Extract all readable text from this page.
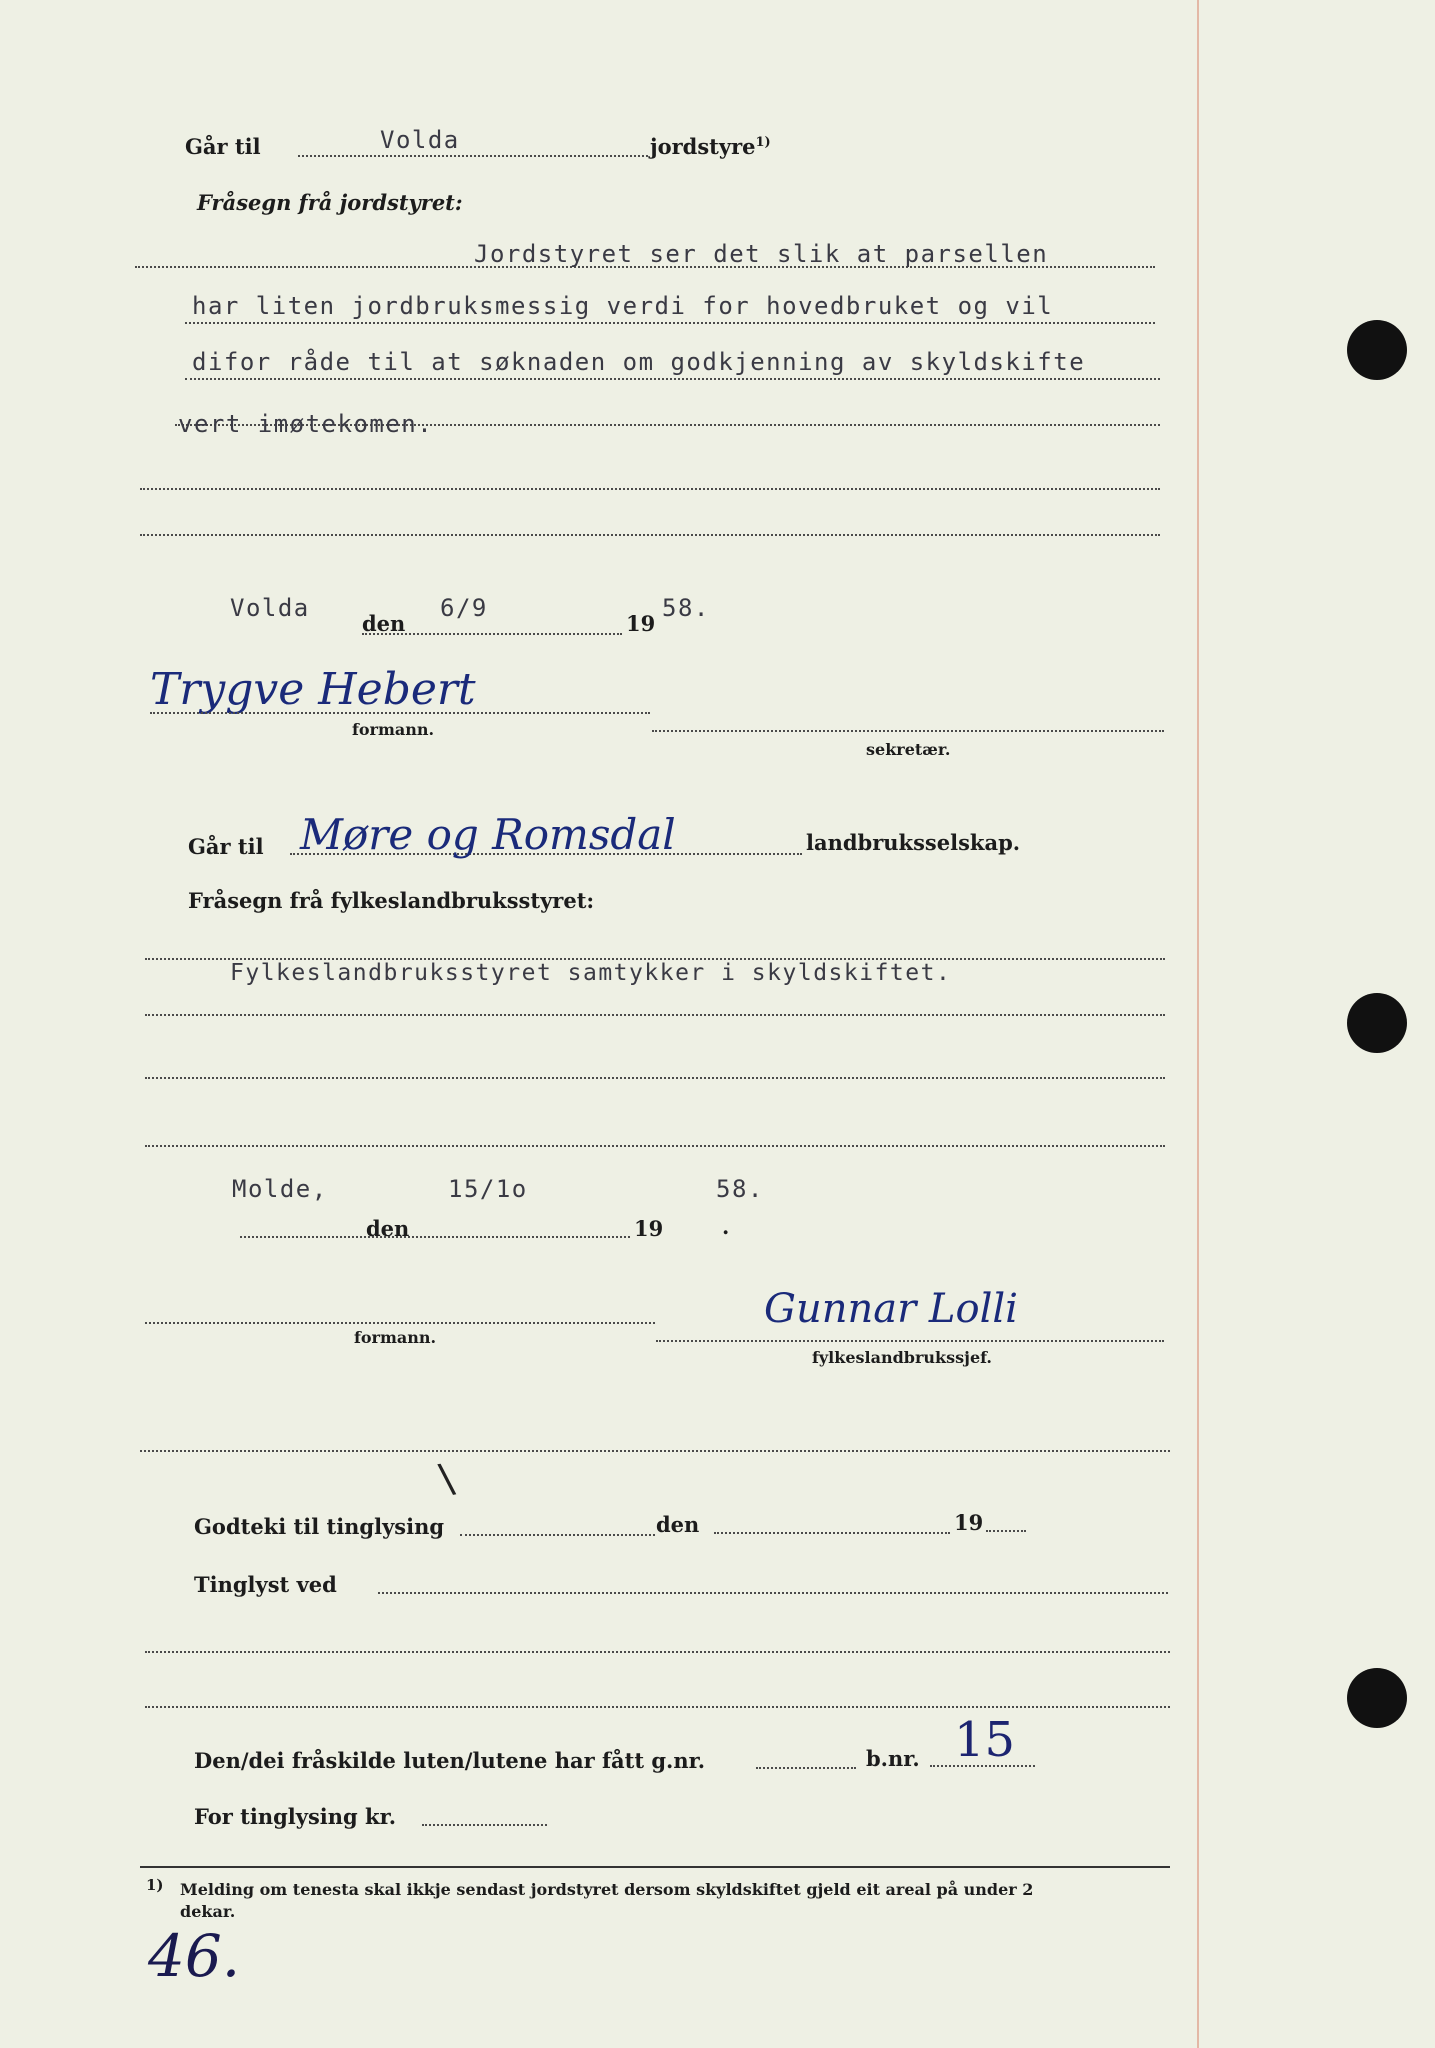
Går til	Volda	jordstyre$^{1)}$
Fråsegn frå jordstyret:
Jordstyret ser det slik at parsellen
har liten jordbruksmessig verdi for hovedbruket og vil
difor råde til at søknaden om godkjenning av skyldskifte
vert imøtekomen.
Volda
den
6/9
19
58.
Trygve Hebert
formann.
sekretær.
Går til Møre og Romsdal	landbruksselskap.
Fråsegn frå fylkeslandbruksstyret:
Fylkeslandbruksstyret samtykker i skyldskiftet.
Molde,	15/1o	58.
den	19	.
formann.
Gunnar Lolli
fylkeslandbrukssjef.
\
Godteki til tinglysing	den	19
Tinglyst ved
Den/dei fråskilde luten/lutene har fått g.nr.	b.nr. 15
For tinglysing kr.
1) Melding om tenesta skal ikkje sendast jordstyret dersom skyldskiftet gjeld eit areal på under 2
dekar.
46.
